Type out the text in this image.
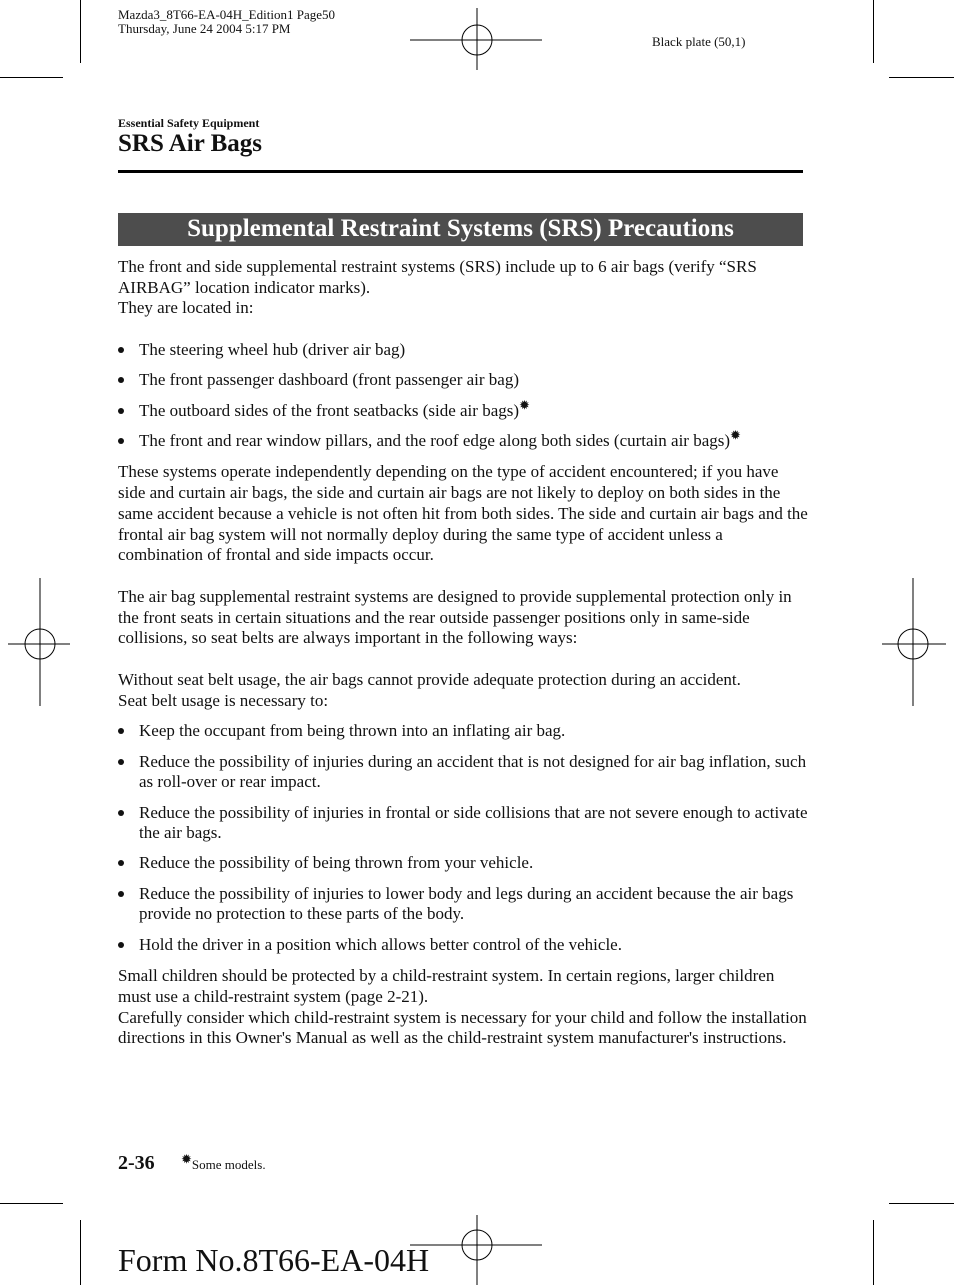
Mazda3_8T66-EA-04H_Edition1 Page50
Thursday, June 24 2004 5:17 PM
Black plate (50,1)
Essential Safety Equipment
SRS Air Bags
Supplemental Restraint Systems (SRS) Precautions

The front and side supplemental restraint systems (SRS) include up to 6 air bags (verify “SRS AIRBAG” location indicator marks).

They are located in:

The steering wheel hub (driver air bag)
The front passenger dashboard (front passenger air bag)
The outboard sides of the front seatbacks (side air bags)✹
The front and rear window pillars, and the roof edge along both sides (curtain air bags)✹

These systems operate independently depending on the type of accident encountered; if you have side and curtain air bags, the side and curtain air bags are not likely to deploy on both sides in the same accident because a vehicle is not often hit from both sides. The side and curtain air bags and the frontal air bag system will not normally deploy during the same type of accident unless a combination of frontal and side impacts occur.

The air bag supplemental restraint systems are designed to provide supplemental protection only in the front seats in certain situations and the rear outside passenger positions only in same-side collisions, so seat belts are always important in the following ways:

Without seat belt usage, the air bags cannot provide adequate protection during an accident.

Seat belt usage is necessary to:

Keep the occupant from being thrown into an inflating air bag.
Reduce the possibility of injuries during an accident that is not designed for air bag inflation, such as roll-over or rear impact.
Reduce the possibility of injuries in frontal or side collisions that are not severe enough to activate the air bags.
Reduce the possibility of being thrown from your vehicle.
Reduce the possibility of injuries to lower body and legs during an accident because the air bags provide no protection to these parts of the body.
Hold the driver in a position which allows better control of the vehicle.

Small children should be protected by a child-restraint system. In certain regions, larger children must use a child-restraint system (page 2-21).

Carefully consider which child-restraint system is necessary for your child and follow the installation directions in this Owner's Manual as well as the child-restraint system manufacturer's instructions.

2-36 ✹Some models.
Form No.8T66-EA-04H
